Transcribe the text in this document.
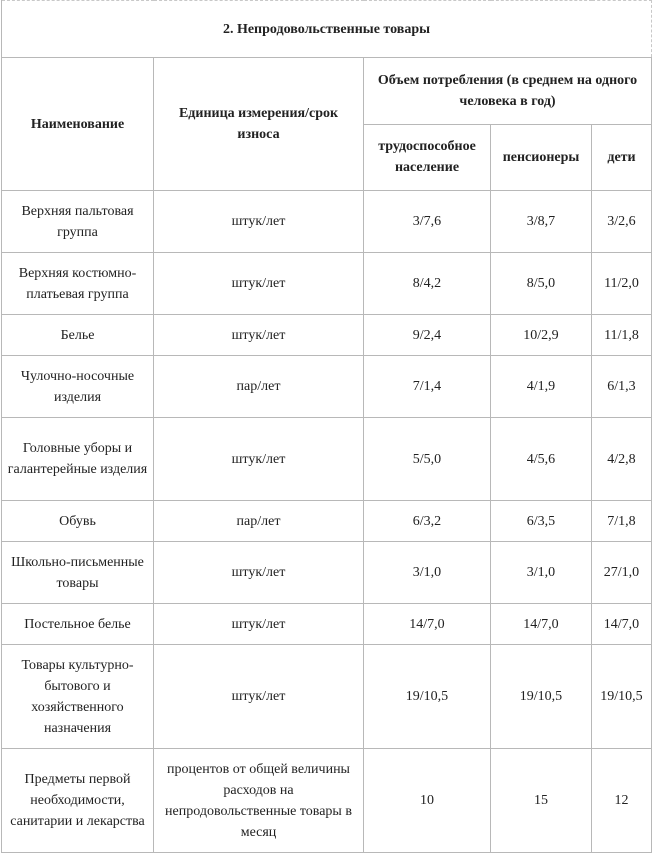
2. Непродовольственные товары				
Наименование	Единица измерения/срок износа	Объем потребления (в среднем на одного человека в год)		
		трудоспособное население	пенсионеры	дети
Верхняя пальтовая группа	штук/лет	3/7,6	3/8,7	3/2,6
Верхняя костюмно-платьевая группа	штук/лет	8/4,2	8/5,0	11/2,0
Белье	штук/лет	9/2,4	10/2,9	11/1,8
Чулочно-носочные изделия	пар/лет	7/1,4	4/1,9	6/1,3
Головные уборы и галантерейные изделия	штук/лет	5/5,0	4/5,6	4/2,8
Обувь	пар/лет	6/3,2	6/3,5	7/1,8
Школьно-письменные товары	штук/лет	3/1,0	3/1,0	27/1,0
Постельное белье	штук/лет	14/7,0	14/7,0	14/7,0
Товары культурно-бытового и хозяйственного назначения	штук/лет	19/10,5	19/10,5	19/10,5
Предметы первой необходимости, санитарии и лекарства	процентов от общей величины расходов на непродовольственные товары в месяц	10	15	12
